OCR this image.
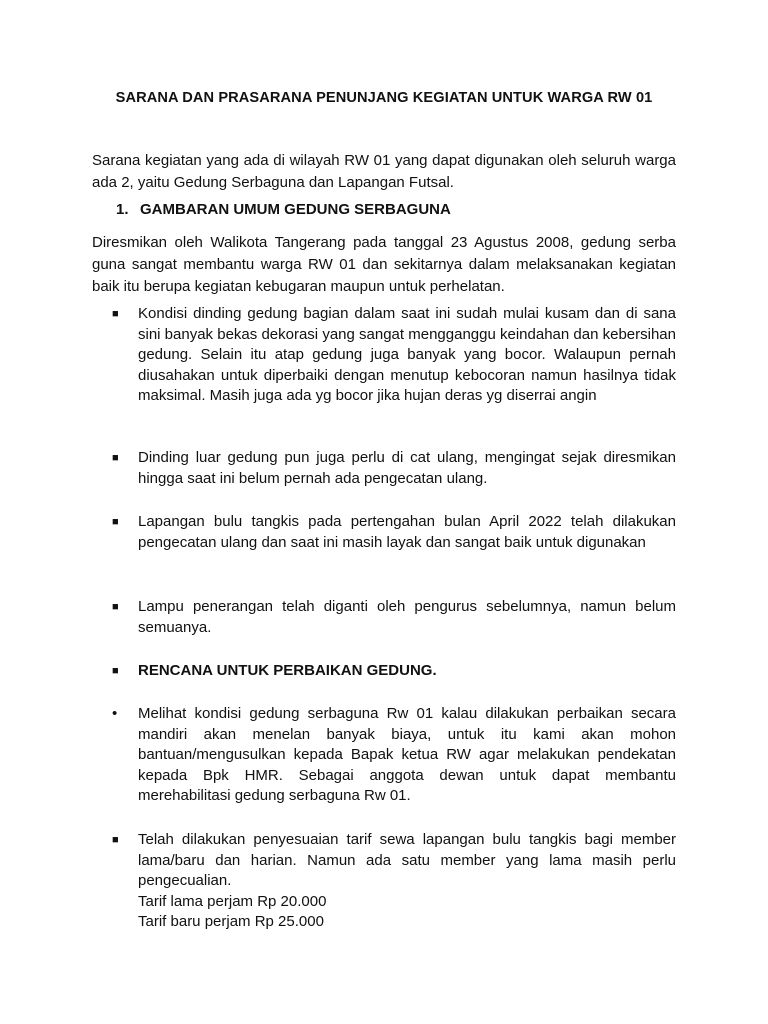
SARANA DAN PRASARANA PENUNJANG KEGIATAN UNTUK WARGA RW 01

Sarana kegiatan yang ada di wilayah RW 01 yang dapat digunakan oleh seluruh warga ada 2, yaitu Gedung Serbaguna dan Lapangan Futsal.

1. GAMBARAN UMUM GEDUNG SERBAGUNA

Diresmikan oleh Walikota Tangerang pada tanggal 23 Agustus 2008, gedung serba guna sangat membantu warga RW 01 dan sekitarnya dalam melaksanakan kegiatan baik itu berupa kegiatan kebugaran maupun untuk perhelatan.

■	Kondisi dinding gedung bagian dalam saat ini sudah mulai kusam dan di sana sini banyak bekas dekorasi yang sangat mengganggu keindahan dan kebersihan gedung. Selain itu atap gedung juga banyak yang bocor. Walaupun pernah diusahakan untuk diperbaiki dengan menutup kebocoran namun hasilnya tidak maksimal. Masih juga ada yg bocor jika hujan deras yg diserrai angin
■	Dinding luar gedung pun juga perlu di cat ulang, mengingat sejak diresmikan hingga saat ini belum pernah ada pengecatan ulang.
■	Lapangan bulu tangkis pada pertengahan bulan April 2022 telah dilakukan pengecatan ulang dan saat ini masih layak dan sangat baik untuk digunakan
■	Lampu penerangan telah diganti oleh pengurus sebelumnya, namun belum semuanya.
■	RENCANA UNTUK PERBAIKAN GEDUNG.
•	Melihat kondisi gedung serbaguna Rw 01 kalau dilakukan perbaikan secara mandiri akan menelan banyak biaya, untuk itu kami akan mohon bantuan/mengusulkan kepada Bapak ketua RW agar melakukan pendekatan kepada Bpk HMR. Sebagai anggota dewan untuk dapat membantu merehabilitasi gedung serbaguna Rw 01.
■	Telah dilakukan penyesuaian tarif sewa lapangan bulu tangkis bagi member lama/baru dan harian. Namun ada satu member yang lama masih perlu pengecualian.
Tarif lama perjam Rp 20.000
Tarif baru perjam Rp 25.000
